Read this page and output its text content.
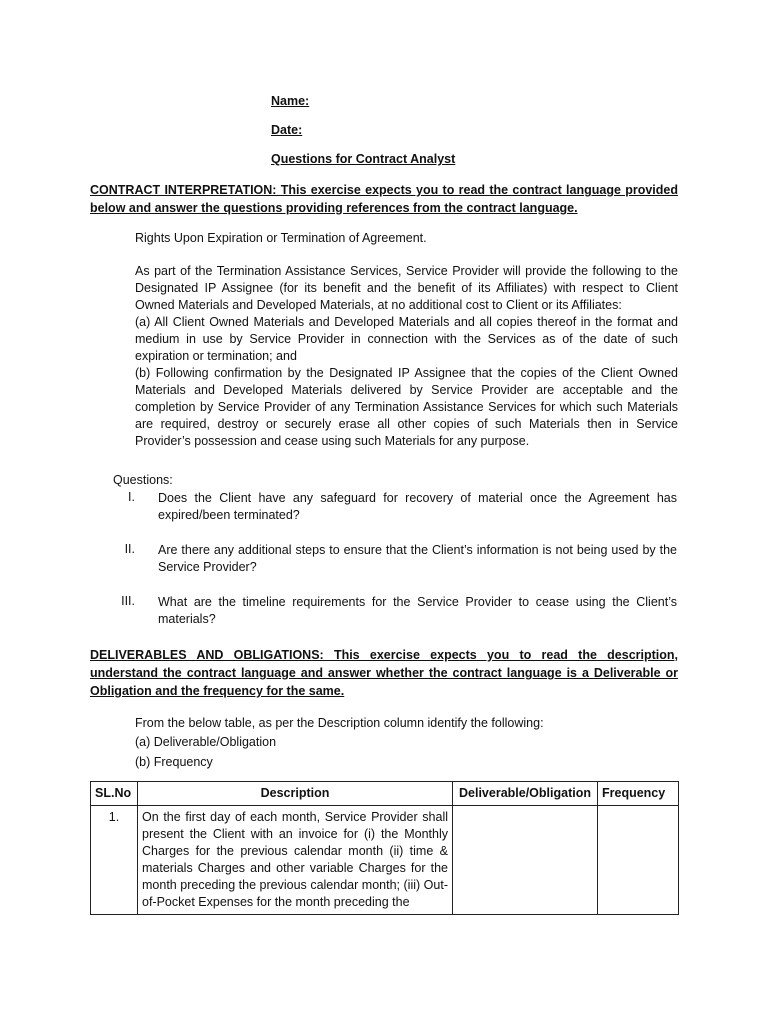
Name:
Date:
Questions for Contract Analyst
CONTRACT INTERPRETATION: This exercise expects you to read the contract language provided below and answer the questions providing references from the contract language.
Rights Upon Expiration or Termination of Agreement.

As part of the Termination Assistance Services, Service Provider will provide the following to the Designated IP Assignee (for its benefit and the benefit of its Affiliates) with respect to Client Owned Materials and Developed Materials, at no additional cost to Client or its Affiliates:

(a) All Client Owned Materials and Developed Materials and all copies thereof in the format and medium in use by Service Provider in connection with the Services as of the date of such expiration or termination; and

(b) Following confirmation by the Designated IP Assignee that the copies of the Client Owned Materials and Developed Materials delivered by Service Provider are acceptable and the completion by Service Provider of any Termination Assistance Services for which such Materials are required, destroy or securely erase all other copies of such Materials then in Service Provider’s possession and cease using such Materials for any purpose.

Questions:
I. Does the Client have any safeguard for recovery of material once the Agreement has expired/been terminated?
II. Are there any additional steps to ensure that the Client’s information is not being used by the Service Provider?
III. What are the timeline requirements for the Service Provider to cease using the Client’s materials?
DELIVERABLES AND OBLIGATIONS: This exercise expects you to read the description, understand the contract language and answer whether the contract language is a Deliverable or Obligation and the frequency for the same.
From the below table, as per the Description column identify the following:
(a) Deliverable/Obligation
(b) Frequency
SL.No	Description	Deliverable/Obligation	Frequency
1.	On the first day of each month, Service Provider shall present the Client with an invoice for (i) the Monthly Charges for the previous calendar month (ii) time & materials Charges and other variable Charges for the month preceding the previous calendar month; (iii) Out-of-Pocket Expenses for the month preceding the		
